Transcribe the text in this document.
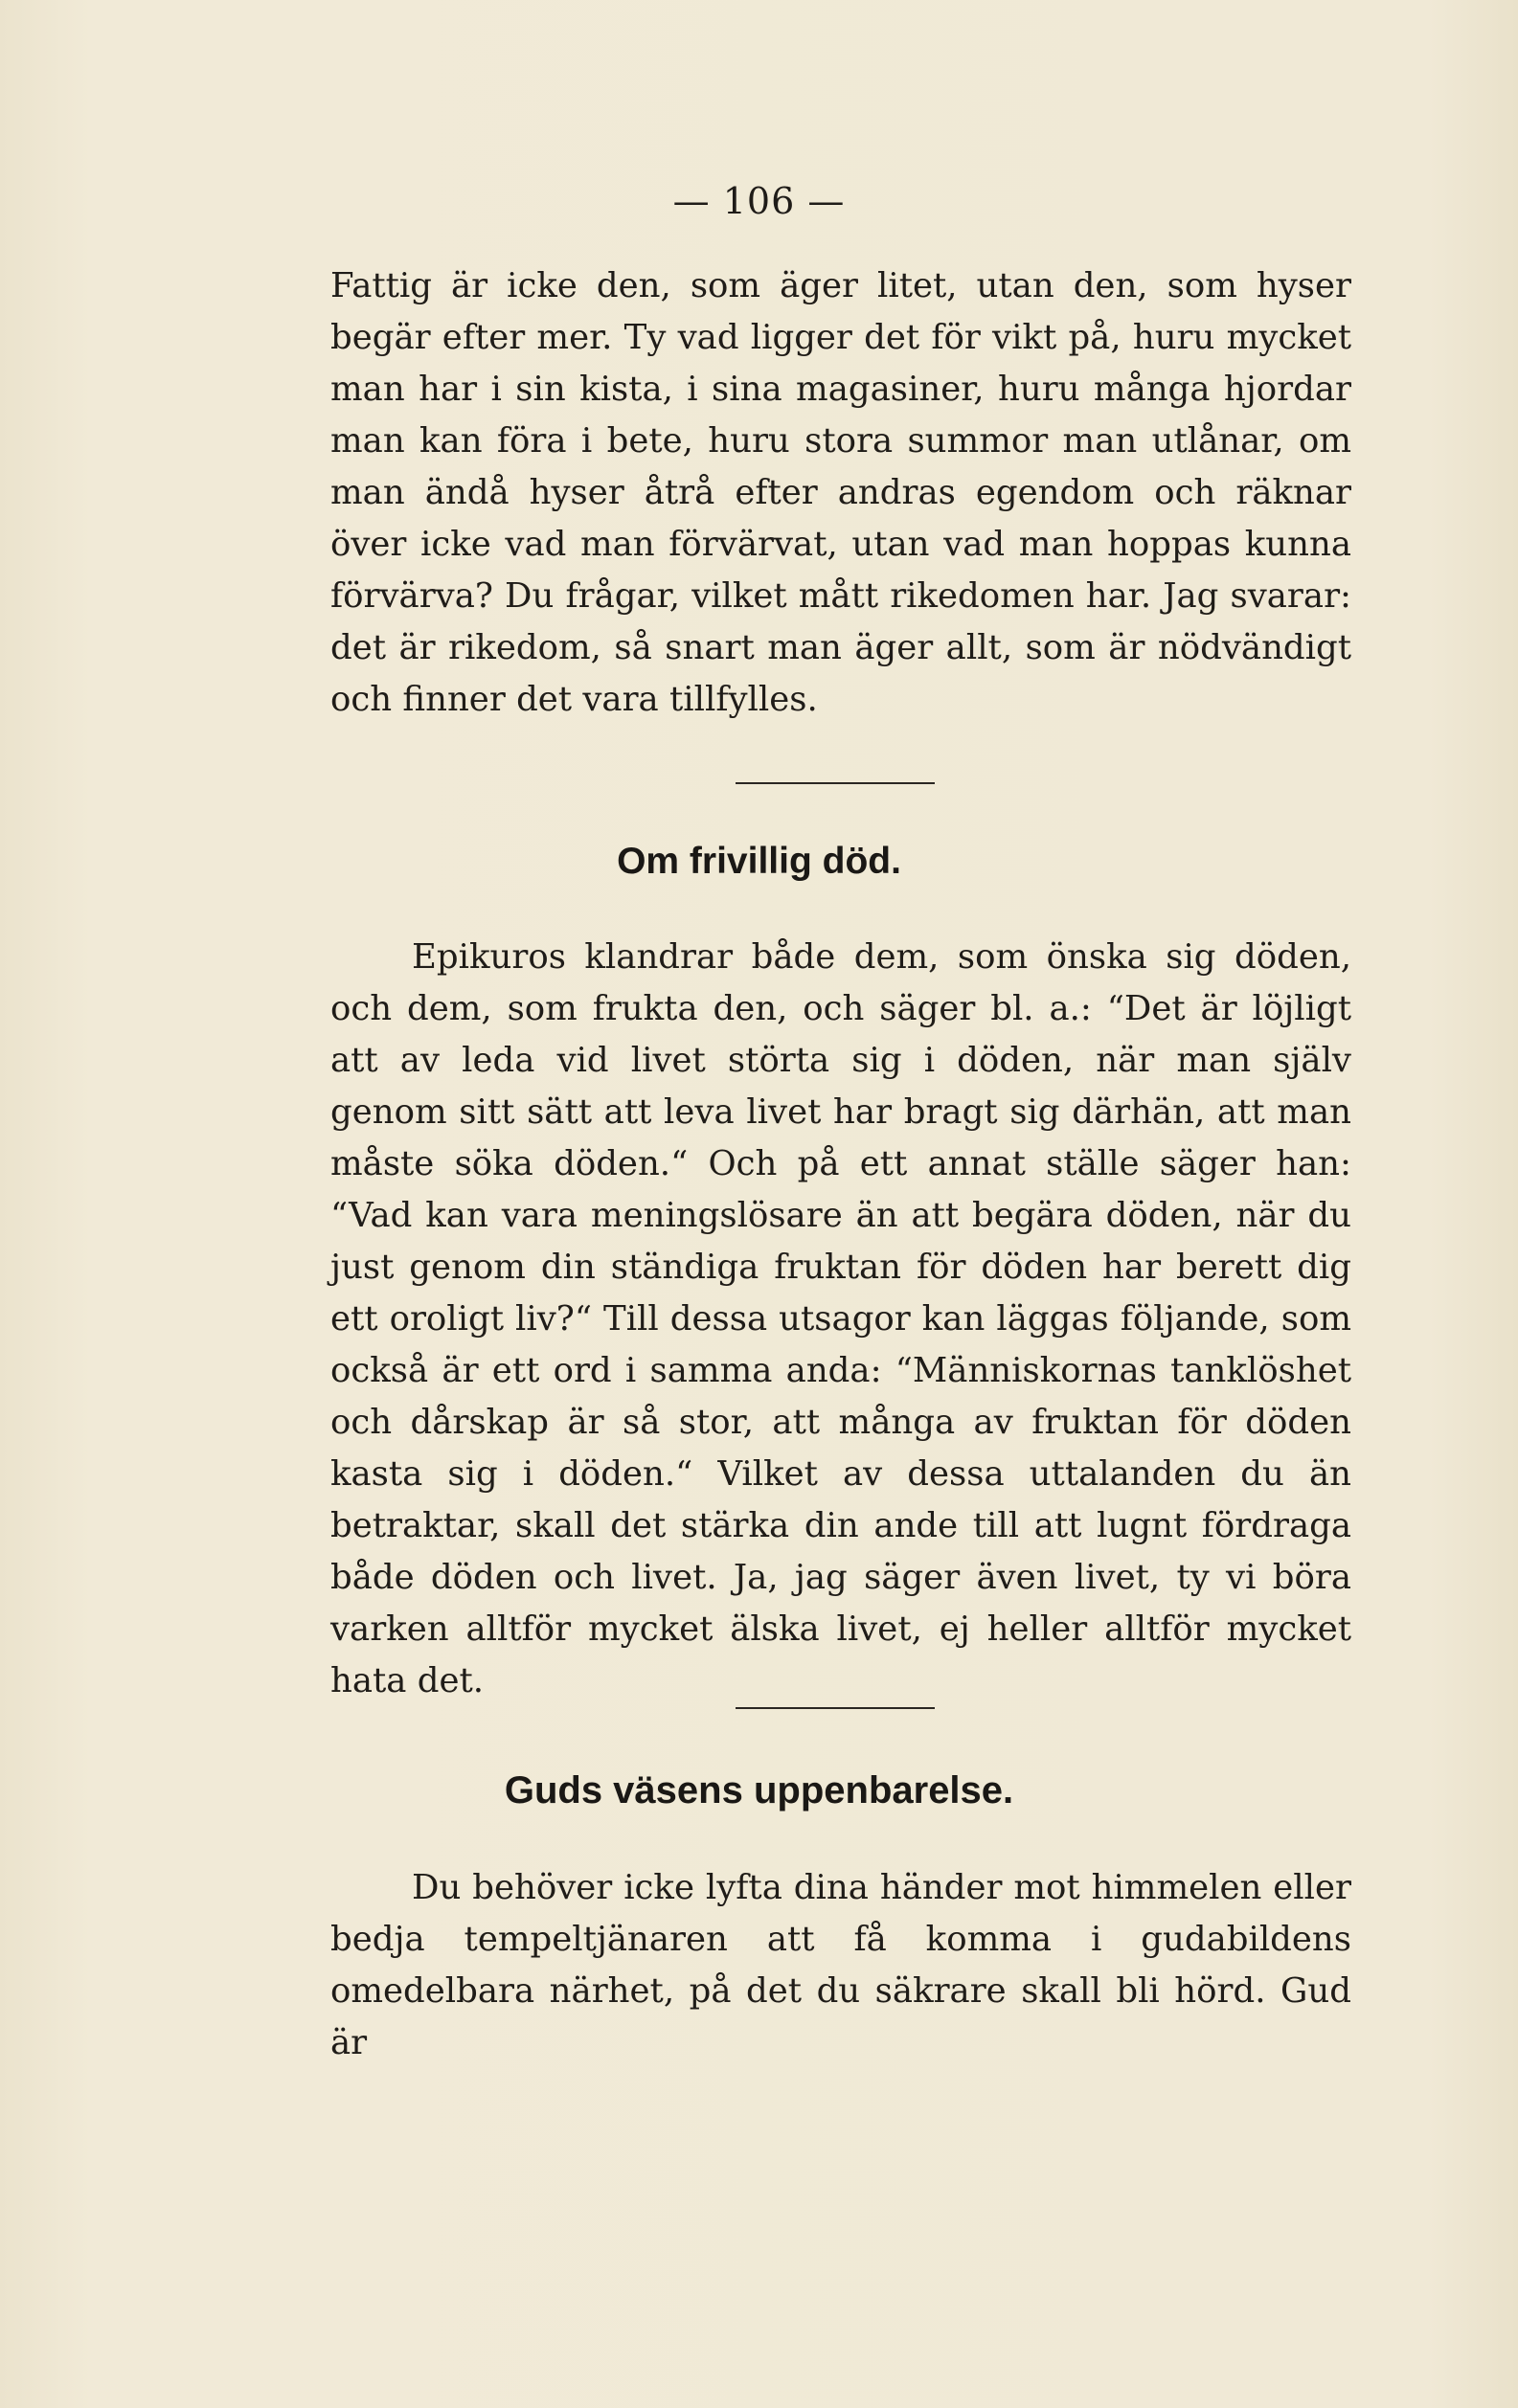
— 106 —

Fattig är icke den, som äger litet, utan den, som hyser begär efter mer. Ty vad ligger det för vikt på, huru mycket man har i sin kista, i sina magasiner, huru många hjordar man kan föra i bete, huru stora summor man utlånar, om man ändå hyser åtrå efter andras egendom och räknar över icke vad man förvärvat, utan vad man hoppas kunna förvärva? Du frågar, vilket mått rikedomen har. Jag svarar: det är rikedom, så snart man äger allt, som är nödvändigt och finner det vara tillfylles.

Om frivillig död.

Epikuros klandrar både dem, som önska sig döden, och dem, som frukta den, och säger bl. a.: “Det är löjligt att av leda vid livet störta sig i döden, när man själv genom sitt sätt att leva livet har bragt sig därhän, att man måste söka döden.“ Och på ett annat ställe säger han: “Vad kan vara meningslösare än att begära döden, när du just genom din ständiga fruktan för döden har berett dig ett oroligt liv?“ Till dessa utsagor kan läggas följande, som också är ett ord i samma anda: “Människornas tanklöshet och dårskap är så stor, att många av fruktan för döden kasta sig i döden.“ Vilket av dessa uttalanden du än betraktar, skall det stärka din ande till att lugnt fördraga både döden och livet. Ja, jag säger även livet, ty vi böra varken alltför mycket älska livet, ej heller alltför mycket hata det.

Guds väsens uppenbarelse.

Du behöver icke lyfta dina händer mot himmelen eller bedja tempeltjänaren att få komma i gudabildens omedelbara närhet, på det du säkrare skall bli hörd. Gud är
